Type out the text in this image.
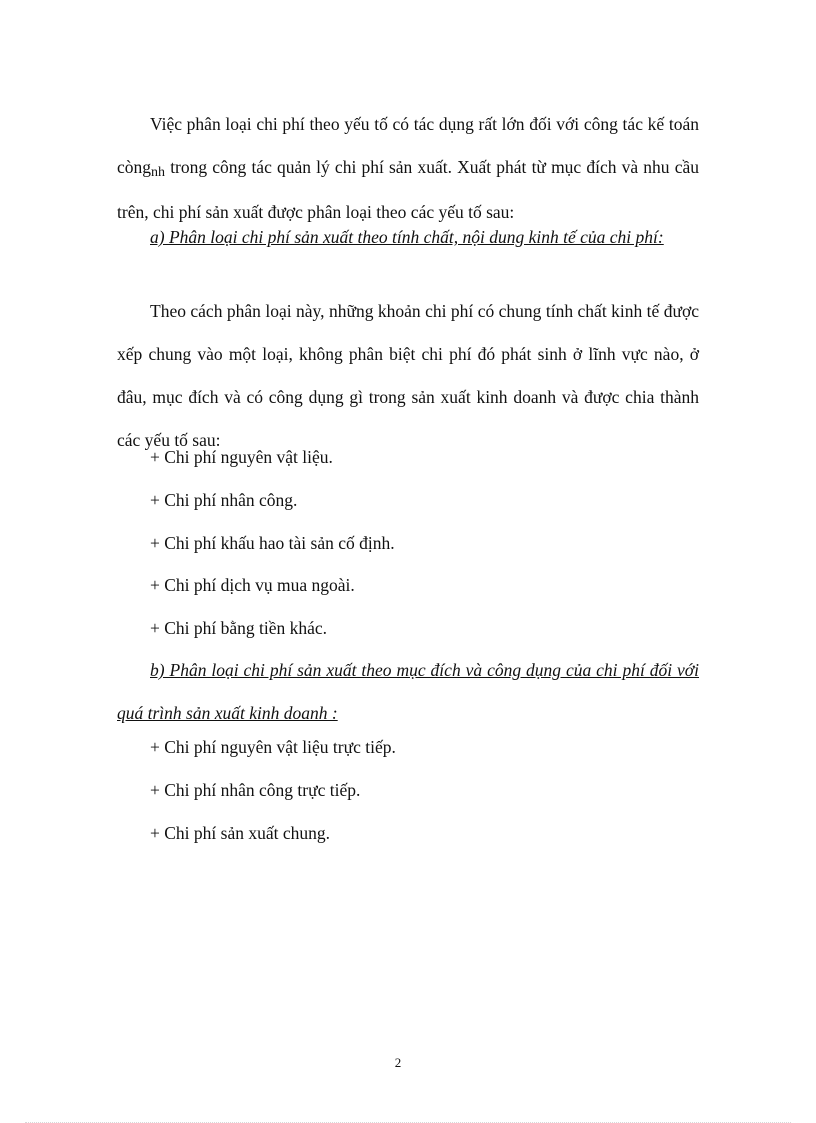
Việc phân loại chi phí theo yếu tố có tác dụng rất lớn đối với công tác kế toán còngnh trong công tác quản lý chi phí sản xuất. Xuất phát từ mục đích và nhu cầu trên, chi phí sản xuất được phân loại theo các yếu tố sau:

a) Phân loại chi phí sản xuất theo tính chất, nội dung kinh tế của chi phí:

Theo cách phân loại này, những khoản chi phí có chung tính chất kinh tế được xếp chung vào một loại, không phân biệt chi phí đó phát sinh ở lĩnh vực nào, ở đâu, mục đích và có công dụng gì trong sản xuất kinh doanh và được chia thành các yếu tố sau:

+ Chi phí nguyên vật liệu.

+ Chi phí nhân công.

+ Chi phí khấu hao tài sản cố định.

+ Chi phí dịch vụ mua ngoài.

+ Chi phí bằng tiền khác.

b) Phân loại chi phí sản xuất theo mục đích và công dụng của chi phí đối với quá trình sản xuất kinh doanh :

+ Chi phí nguyên vật liệu trực tiếp.

+ Chi phí nhân công trực tiếp.

+ Chi phí sản xuất chung.

2
